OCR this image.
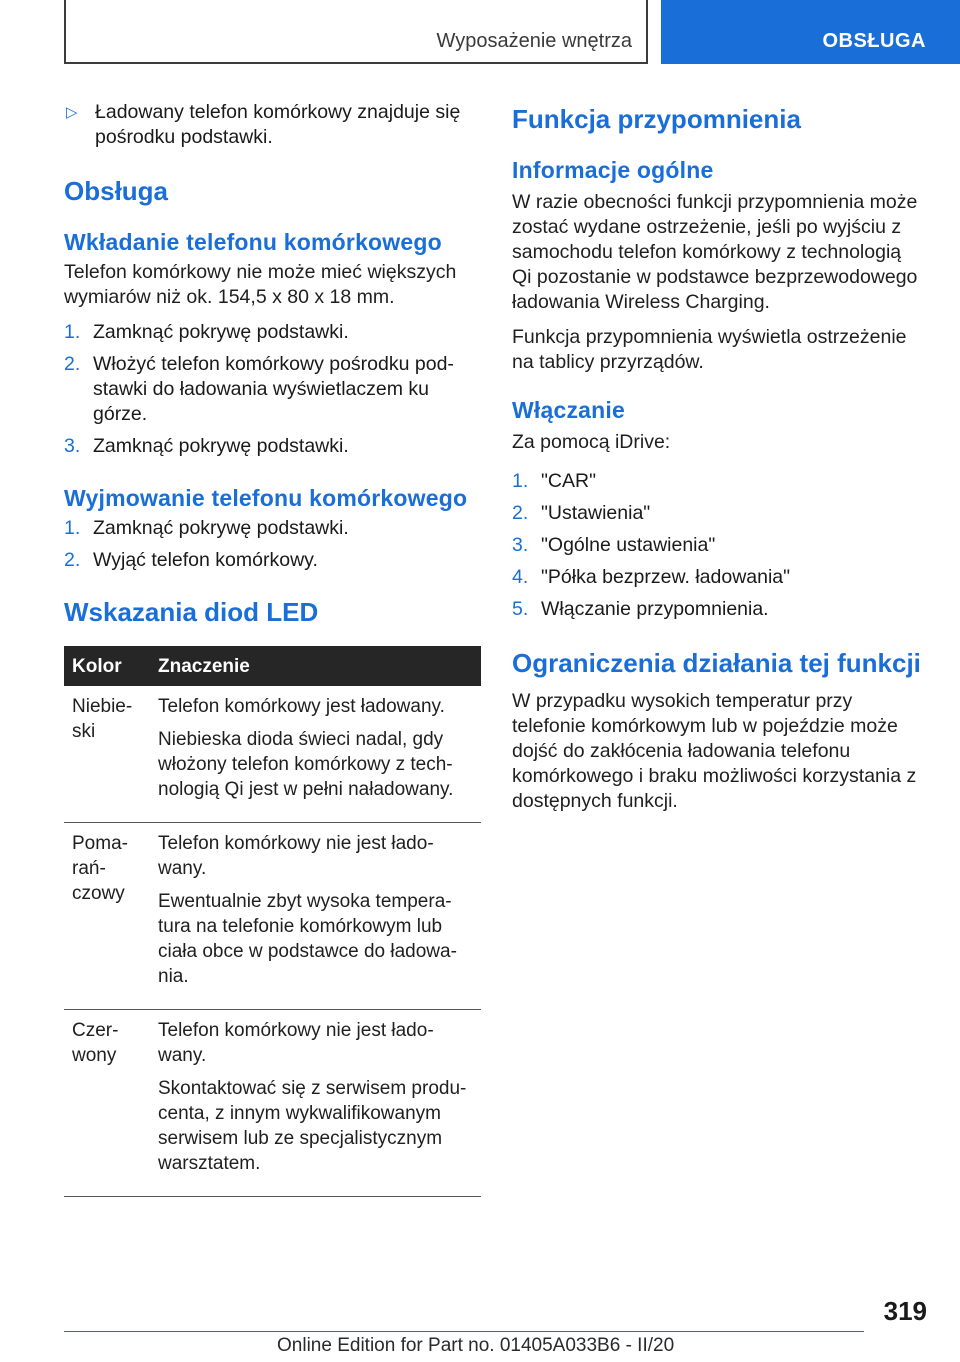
Wyposażenie wnętrza	OBSŁUGA
▷ Ładowany telefon komórkowy znajduje się pośrodku podstawki.
Obsługa
Wkładanie telefonu komórkowego

Telefon komórkowy nie może mieć większych wymiarów niż ok. 154,5 x 80 x 18 mm.

1. Zamknąć pokrywę podstawki.
2. Włożyć telefon komórkowy pośrodku podstawki do ładowania wyświetlaczem ku górze.
3. Zamknąć pokrywę podstawki.
Wyjmowanie telefonu komórkowego
1. Zamknąć pokrywę podstawki.
2. Wyjąć telefon komórkowy.
Wskazania diod LED
Kolor	Znaczenie
Niebieski	Telefon komórkowy jest ładowany.

Niebieska dioda świeci nadal, gdy włożony telefon komórkowy z technologią Qi jest w pełni naładowany.

Pomarańczowy	Telefon komórkowy nie jest ładowany.

Ewentualnie zbyt wysoka temperatura na telefonie komórkowym lub ciała obce w podstawce do ładowania.

Czerwony	Telefon komórkowy nie jest ładowany.

Skontaktować się z serwisem producenta, z innym wykwalifikowanym serwisem lub ze specjalistycznym warsztatem.

Funkcja przypomnienia
Informacje ogólne

W razie obecności funkcji przypomnienia może zostać wydane ostrzeżenie, jeśli po wyjściu z samochodu telefon komórkowy z technologią Qi pozostanie w podstawce bezprzewodowego ładowania Wireless Charging.

Funkcja przypomnienia wyświetla ostrzeżenie na tablicy przyrządów.

Włączanie

Za pomocą iDrive:

1. "CAR"
2. "Ustawienia"
3. "Ogólne ustawienia"
4. "Półka bezprzew. ładowania"
5. Włączanie przypomnienia.
Ograniczenia działania tej funkcji

W przypadku wysokich temperatur przy telefonie komórkowym lub w pojeździe może dojść do zakłócenia ładowania telefonu komórkowego i braku możliwości korzystania z dostępnych funkcji.

319
Online Edition for Part no. 01405A033B6 - II/20
